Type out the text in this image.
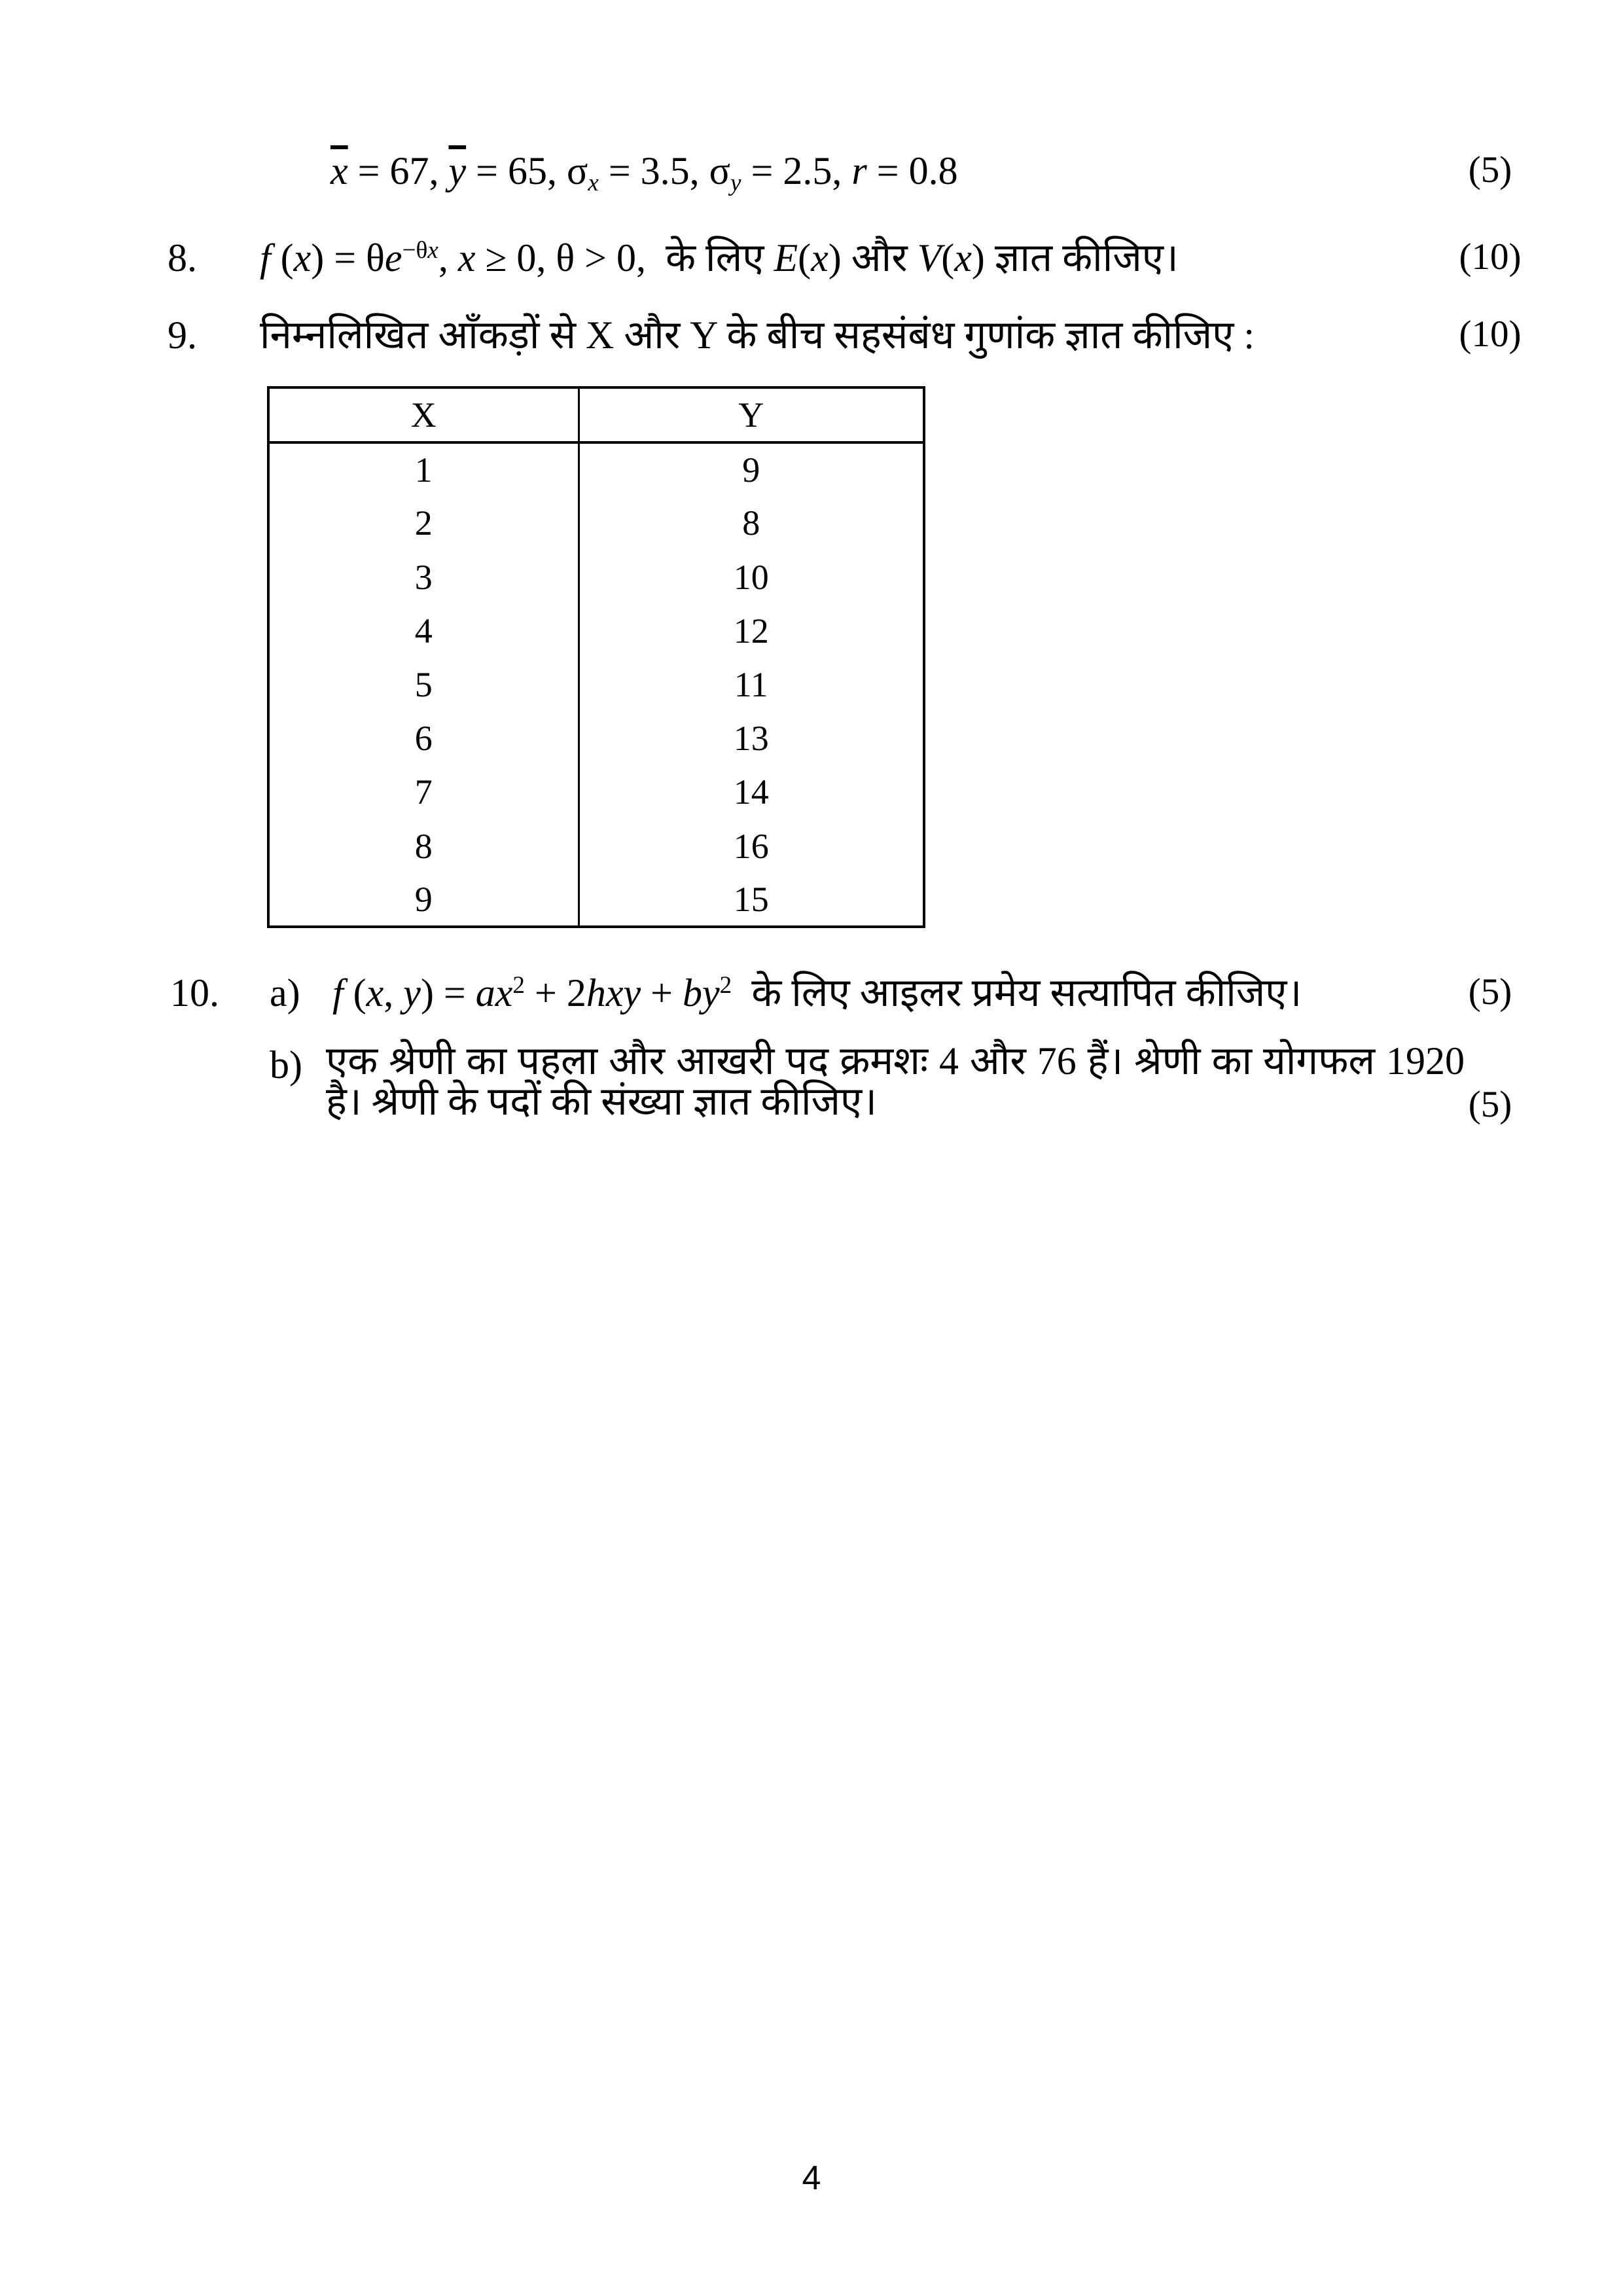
$\overline{x} = 67$, $\overline{y} = 65$, $\sigma_x = 3.5$, $\sigma_y = 2.5$, r = 0.8	(5)
8. f $(x) = \theta e^{-\theta x}$, x ≥ 0, θ > 0,  के लिए E(x) और V(x) ज्ञात कीजिए।	(10)
9. निम्नलिखित आँकड़ों से X और Y के बीच सहसंबंध गुणांक ज्ञात कीजिए :	(10)
X	Y
1	9
2	8
3	10
4	12
5	11
6	13
7	14
8	16
9	15
10. a) f (x, $y) = ax^2 + 2hxy + by^2$  के लिए आइलर प्रमेय सत्यापित कीजिए।	(5)
b) एक श्रेणी का पहला और आखरी पद क्रमशः 4 और 76 हैं। श्रेणी का योगफल 1920 है। श्रेणी के पदों की संख्या ज्ञात कीजिए।	(5)
4
